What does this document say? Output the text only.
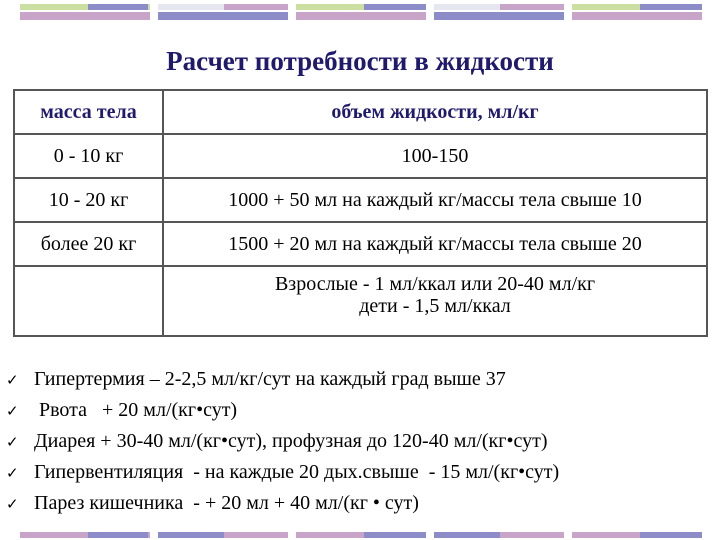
Расчет потребности в жидкости
масса тела	объем жидкости, мл/кг
0 - 10 кг	100-150
10 - 20 кг	1000 + 50 мл на каждый кг/массы тела свыше 10
более 20 кг	1500 + 20 мл на каждый кг/массы тела свыше 20

	Взрослые - 1 мл/ккал или 20-40 мл/кг
дети - 1,5 мл/ккал
✓ Гипертермия – 2-2,5 мл/кг/сут на каждый град выше 37
✓ Рвота   + 20 мл/(кг•сут)
✓ Диарея + 30-40 мл/(кг•сут), профузная до 120-40 мл/(кг•сут)
✓ Гипервентиляция  - на каждые 20 дых.свыше  - 15 мл/(кг•сут)
✓ Парез кишечника  - + 20 мл + 40 мл/(кг • сут)
